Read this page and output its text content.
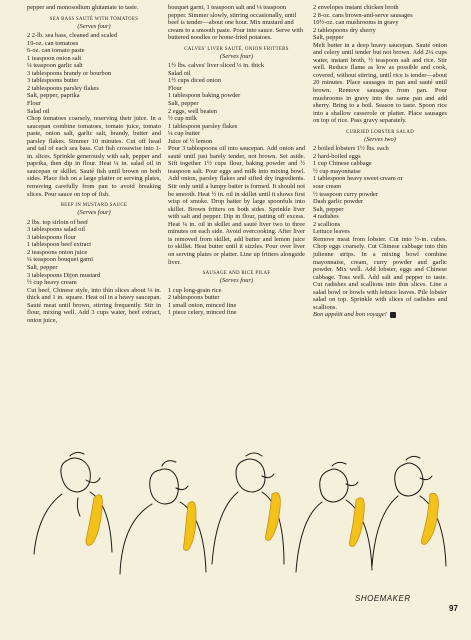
pepper and monosodium glutamate to taste.

SEA BASS SAUTÉ WITH TOMATOES
(Serves four)
2 2-lb. sea bass, cleaned and scaled
19-oz. can tomatoes
6-oz. can tomato paste
1 teaspoon onion salt
¼ teaspoon garlic salt
3 tablespoons brandy or bourbon
3 tablespoons butter
2 tablespoons parsley flakes
Salt, pepper, paprika
Flour
Salad oil

Chop tomatoes coarsely, reserving their juice. In a saucepan combine tomatoes, tomato juice, tomato paste, onion salt, garlic salt, brandy, butter and parsley flakes. Simmer 10 minutes. Cut off head and tail of each sea bass. Cut fish crosswise into 1-in. slices. Sprinkle generously with salt, pepper and paprika, then dip in flour. Heat ¼ in. salad oil in saucepan or skillet. Sauté fish until brown on both sides. Place fish on a large platter or serving plates, removing carefully from pan to avoid breaking slices. Pour sauce on top of fish.

BEEF IN MUSTARD SAUCE
(Serves four)
2 lbs. top sirloin of beef
3 tablespoons salad oil
3 tablespoons flour
1 tablespoon beef extract
2 teaspoons onion juice
¼ teaspoon bouquet garni
Salt, pepper
3 tablespoons Dijon mustard
½ cup heavy cream

Cut beef, Chinese style, into thin slices about ⅛ in. thick and 1 in. square. Heat oil in a heavy saucepan. Sauté meat until brown, stirring frequently. Stir in flour, mixing well. Add 3 cups water, beef extract, onion juice,

bouquet garni, 1 teaspoon salt and ⅛ teaspoon pepper. Simmer slowly, stirring occasionally, until beef is tender—about one hour. Mix mustard and cream to a smooth paste. Pour into sauce. Serve with buttered noodles or home-fried potatoes.

CALVES' LIVER SAUTÉ, ONION FRITTERS
(Serves four)
1½ lbs. calves' liver sliced ⅓ in. thick
Salad oil
1½ cups diced onion
Flour
1 tablespoon baking powder
Salt, pepper
2 eggs, well beaten
½ cup milk
1 tablespoon parsley flakes
¼ cup butter
Juice of ½ lemon

Pour 3 tablespoons oil into saucepan. Add onion and sauté until just barely tender, not brown. Set aside. Sift together 1½ cups flour, baking powder and ½ teaspoon salt. Pour eggs and milk into mixing bowl. Add onion, parsley flakes and sifted dry ingredients. Stir only until a lumpy batter is formed. It should not be smooth. Heat ½ in. oil in skillet until it shows first wisp of smoke. Drop batter by large spoonfuls into skillet. Brown fritters on both sides. Sprinkle liver with salt and pepper. Dip in flour, patting off excess. Heat ¼ in. oil in skillet and sauté liver two to three minutes on each side. Avoid overcooking. After liver is removed from skillet, add butter and lemon juice to skillet. Heat butter until it sizzles. Pour over liver on serving plates or platter. Line up fritters alongside liver.

SAUSAGE AND RICE PILAF
(Serves four)
1 cup long-grain rice
2 tablespoons butter
1 small onion, minced fine
1 piece celery, minced fine
2 envelopes instant chicken broth
2 8-oz. cans brown-and-serve sausages
10½-oz. can mushrooms in gravy
2 tablespoons dry sherry
Salt, pepper

Melt butter in a deep heavy saucepan. Sauté onion and celery until tender but not brown. Add 2¼ cups water, instant broth, ½ teaspoon salt and rice. Stir well. Reduce flame as low as possible and cook, covered, without stirring, until rice is tender—about 20 minutes. Place sausages in pan and sauté until brown. Remove sausages from pan. Pour mushrooms in gravy into the same pan and add sherry. Bring to a boil. Season to taste. Spoon rice into a shallow casserole or platter. Place sausages on top of rice. Pass gravy separately.

CURRIED LOBSTER SALAD
(Serves two)
2 boiled lobsters 1½ lbs. each
2 hard-boiled eggs
1 cup Chinese cabbage
½ cup mayonnaise
1 tablespoon heavy sweet cream or
sour cream
½ teaspoon curry powder
Dash garlic powder
Salt, pepper
4 radishes
2 scallions
Lettuce leaves

Remove meat from lobster. Cut into ½-in. cubes. Chop eggs coarsely. Cut Chinese cabbage into thin julienne strips. In a mixing bowl combine mayonnaise, cream, curry powder and garlic powder. Mix well. Add lobster, eggs and Chinese cabbage. Toss well. Add salt and pepper to taste. Cut radishes and scallions into thin slices. Line a salad bowl or bowls with lettuce leaves. Pile lobster salad on top. Sprinkle with slices of radishes and scallions.

Bon appétit and bon voyage!

SHOEMAKER
97
